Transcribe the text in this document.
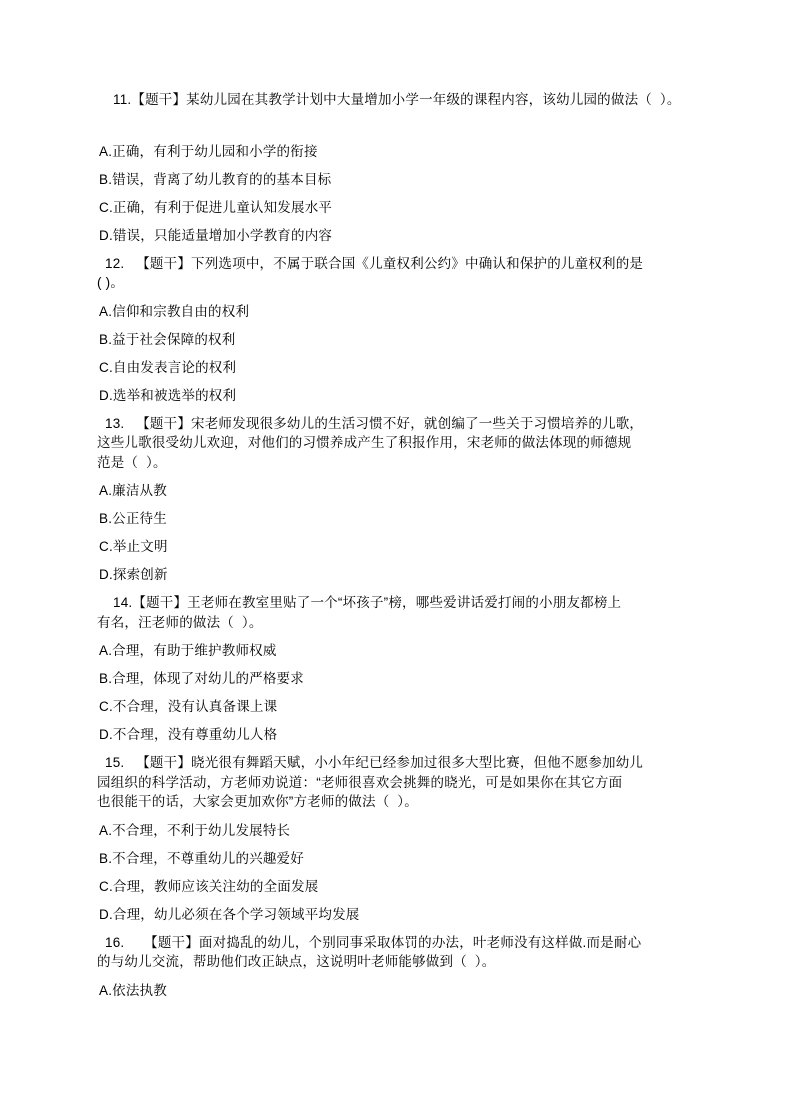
11.【题干】某幼儿园在其教学计划中大量增加小学一年级的课程内容，该幼儿园的做法（  ）。

A.正确，有利于幼儿园和小学的衔接

B.错误，背离了幼儿教育的的基本目标

C.正确，有利于促进儿童认知发展水平

D.错误，只能适量增加小学教育的内容

12.   【题干】下列选项中，不属于联合国《儿童权利公约》中确认和保护的儿童权利的是

( )。

A.信仰和宗教自由的权利

B.益于社会保障的权利

C.自由发表言论的权利

D.选举和被选举的权利

13.   【题干】宋老师发现很多幼儿的生活习惯不好，就创编了一些关于习惯培养的儿歌，

这些儿歌很受幼儿欢迎，对他们的习惯养成产生了积报作用，宋老师的做法体现的师德规

范是（  ）。

A.廉洁从教

B.公正待生

C.举止文明

D.探索创新

14.【题干】王老师在教室里贴了一个“坏孩子”榜，哪些爱讲话爱打闹的小朋友都榜上

有名，汪老师的做法（  ）。

A.合理，有助于维护教师权威

B.合理，体现了对幼儿的严格要求

C.不合理，没有认真备课上课

D.不合理，没有尊重幼儿人格

15.   【题干】晓光很有舞蹈天赋，小小年纪已经参加过很多大型比赛，但他不愿参加幼儿

园组织的科学活动，方老师劝说道：“老师很喜欢会挑舞的晓光，可是如果你在其它方面

也很能干的话，大家会更加欢你”方老师的做法（  ）。

A.不合理，不利于幼儿发展特长

B.不合理，不尊重幼儿的兴趣爱好

C.合理，教师应该关注幼的全面发展

D.合理，幼儿必须在各个学习领域平均发展

16.     【题干】面对捣乱的幼儿，个别同事采取体罚的办法，叶老师没有这样做.而是耐心

的与幼儿交流，帮助他们改正缺点，这说明叶老师能够做到（  ）。

A.依法执教
